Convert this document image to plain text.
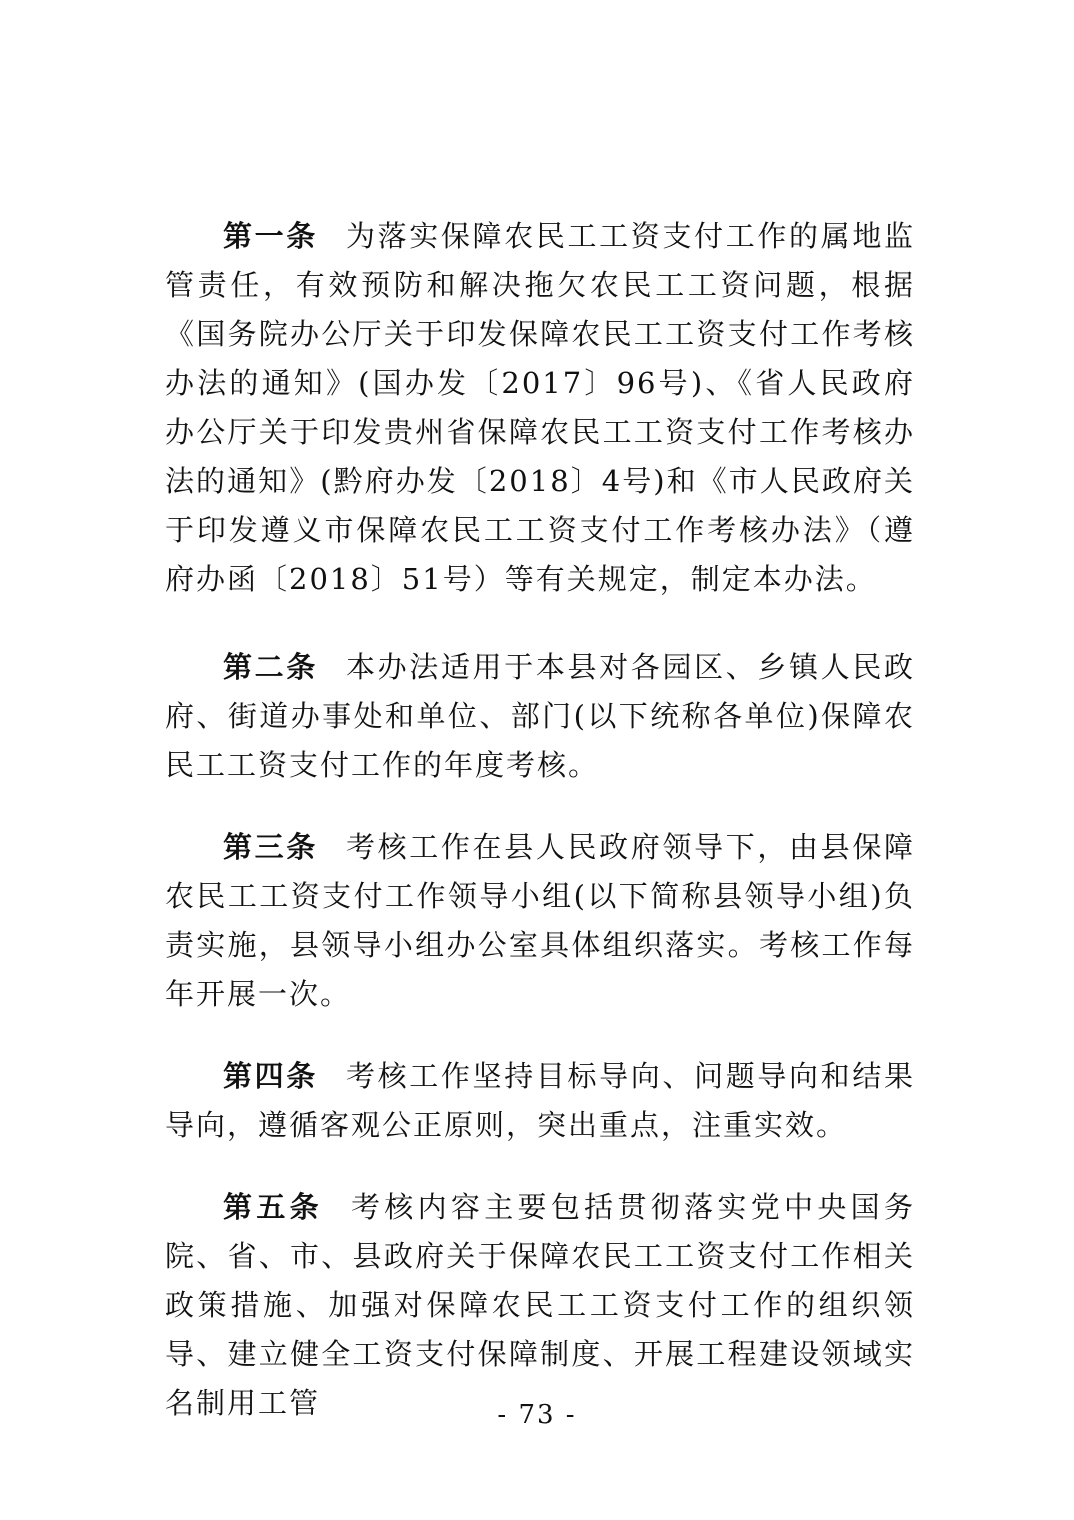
第一条 为落实保障农民工工资支付工作的属地监管责任，有效预防和解决拖欠农民工工资问题，根据《国务院办公厅关于印发保障农民工工资支付工作考核办法的通知》(国办发〔2017〕96号)、《省人民政府办公厅关于印发贵州省保障农民工工资支付工作考核办法的通知》(黔府办发〔2018〕4号)和《市人民政府关于印发遵义市保障农民工工资支付工作考核办法》（遵府办函〔2018〕51号）等有关规定，制定本办法。

第二条 本办法适用于本县对各园区、乡镇人民政府、街道办事处和单位、部门(以下统称各单位)保障农民工工资支付工作的年度考核。

第三条 考核工作在县人民政府领导下，由县保障农民工工资支付工作领导小组(以下简称县领导小组)负责实施，县领导小组办公室具体组织落实。考核工作每年开展一次。

第四条 考核工作坚持目标导向、问题导向和结果导向，遵循客观公正原则，突出重点，注重实效。

第五条 考核内容主要包括贯彻落实党中央国务院、省、市、县政府关于保障农民工工资支付工作相关政策措施、加强对保障农民工工资支付工作的组织领导、建立健全工资支付保障制度、开展工程建设领域实名制用工管	- 73 -
